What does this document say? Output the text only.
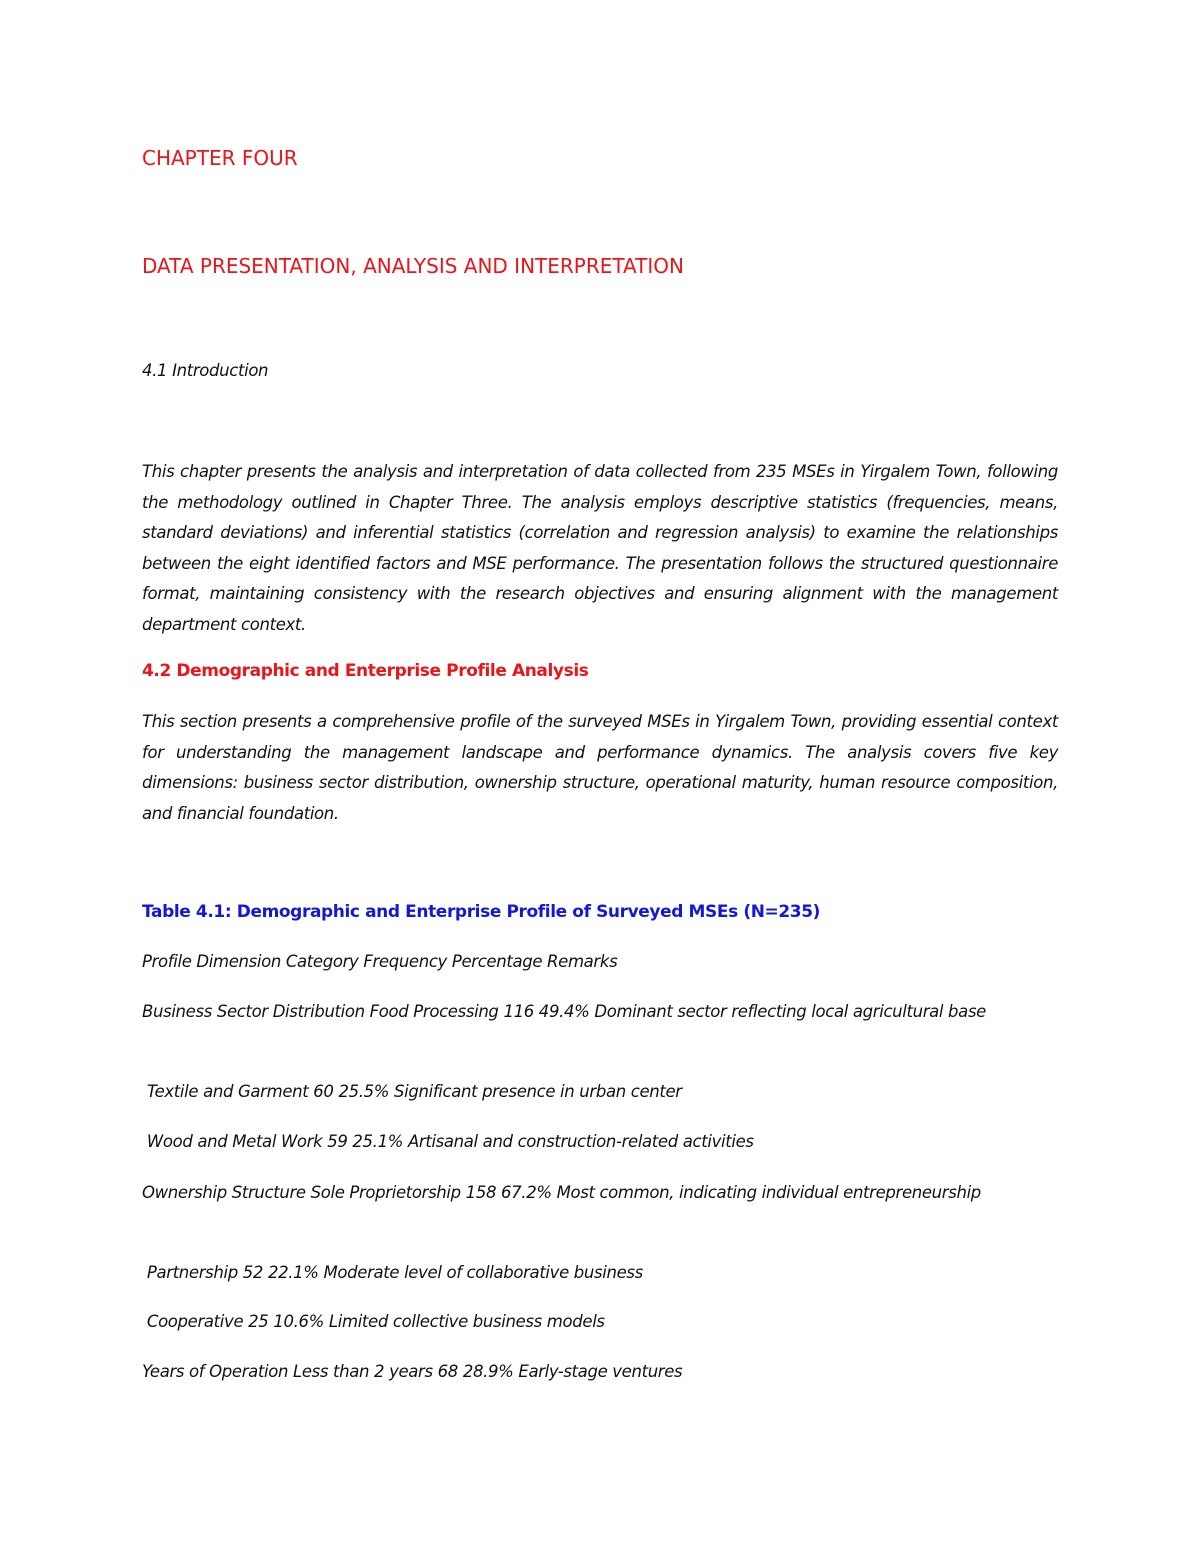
CHAPTER FOUR
DATA PRESENTATION, ANALYSIS AND INTERPRETATION

4.1 Introduction

This chapter presents the analysis and interpretation of data collected from 235 MSEs in Yirgalem Town, following the methodology outlined in Chapter Three. The analysis employs descriptive statistics (frequencies, means, standard deviations) and inferential statistics (correlation and regression analysis) to examine the relationships between the eight identified factors and MSE performance. The presentation follows the structured questionnaire format, maintaining consistency with the research objectives and ensuring alignment with the management department context.

4.2 Demographic and Enterprise Profile Analysis

This section presents a comprehensive profile of the surveyed MSEs in Yirgalem Town, providing essential context for understanding the management landscape and performance dynamics. The analysis covers five key dimensions: business sector distribution, ownership structure, operational maturity, human resource composition, and financial foundation.

Table 4.1: Demographic and Enterprise Profile of Surveyed MSEs (N=235)

Profile Dimension Category Frequency Percentage Remarks

Business Sector Distribution Food Processing 116 49.4% Dominant sector reflecting local agricultural base

Textile and Garment 60 25.5% Significant presence in urban center

Wood and Metal Work 59 25.1% Artisanal and construction-related activities

Ownership Structure Sole Proprietorship 158 67.2% Most common, indicating individual entrepreneurship

Partnership 52 22.1% Moderate level of collaborative business

Cooperative 25 10.6% Limited collective business models

Years of Operation Less than 2 years 68 28.9% Early-stage ventures
